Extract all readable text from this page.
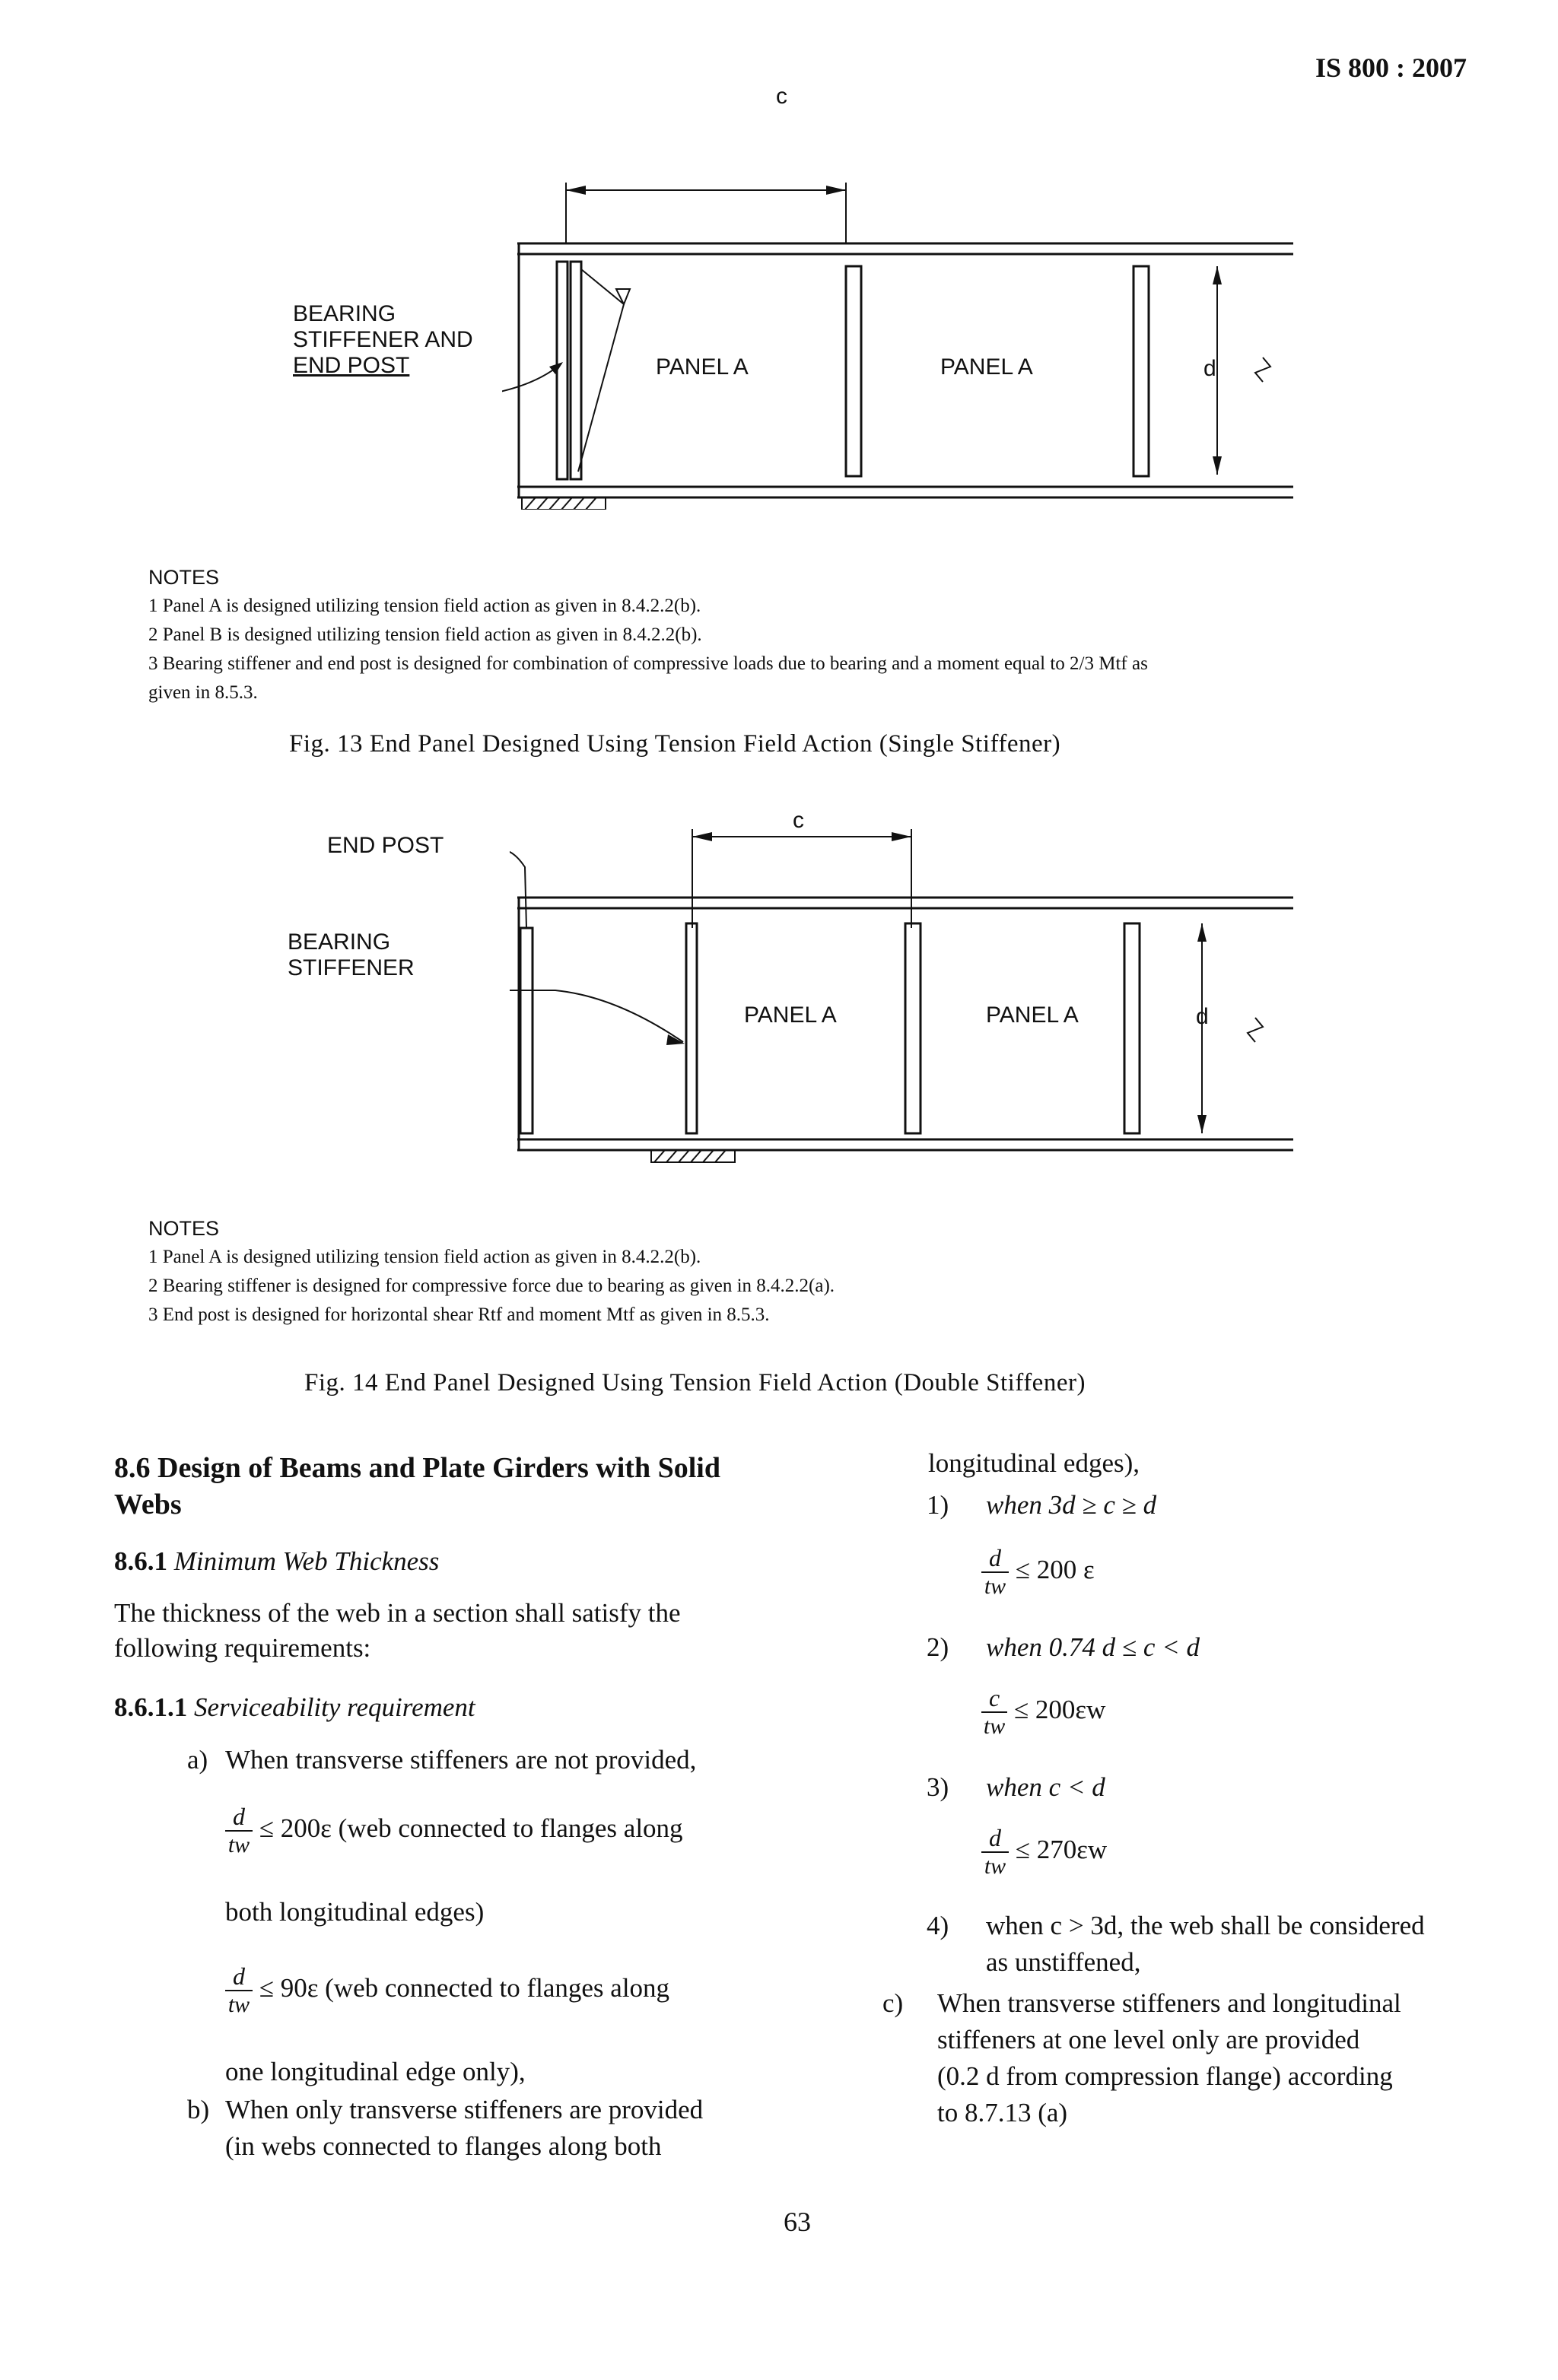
IS 800 : 2007
c
d
BEARING
STIFFENER AND
END POST	PANEL A	PANEL A
NOTES
1 Panel A is designed utilizing tension field action as given in 8.4.2.2(b).
2 Panel B is designed utilizing tension field action as given in 8.4.2.2(b).
3 Bearing stiffener and end post is designed for combination of compressive loads due to bearing and a moment equal to 2/3 Mtf as
given in 8.5.3.
Fig. 13 End Panel Designed Using Tension Field Action (Single Stiffener)
c
d
END POST
BEARING
STIFFENER
PANEL A	PANEL A
NOTES
1 Panel A is designed utilizing tension field action as given in 8.4.2.2(b).
2 Bearing stiffener is designed for compressive force due to bearing as given in 8.4.2.2(a).
3 End post is designed for horizontal shear Rtf and moment Mtf as given in 8.5.3.
Fig. 14 End Panel Designed Using Tension Field Action (Double Stiffener)
8.6 Design of Beams and Plate Girders with Solid
Webs
8.6.1 Minimum Web Thickness
The thickness of the web in a section shall satisfy the
following requirements:
8.6.1.1 Serviceability requirement
a) When transverse stiffeners are not provided,
$\frac{d}{tw} \le 200\varepsilon$ (web connected to flanges along
both longitudinal edges)
$\frac{d}{tw} \le 90\varepsilon$ (web connected to flanges along
one longitudinal edge only),
b) When only transverse stiffeners are provided
(in webs connected to flanges along both
longitudinal edges),
1) when 3d ≥ c ≥ d
$\frac{d}{tw} \le 200$ ε
2) when 0.74 d ≤ c < d
$\frac{c}{tw} \le 200\varepsilon w$
3) when c < d
$\frac{d}{tw} \le 270\varepsilon w$
4) when c > 3d, the web shall be considered
as unstiffened,
c) When transverse stiffeners and longitudinal
stiffeners at one level only are provided
(0.2 d from compression flange) according
to 8.7.13 (a)
63
